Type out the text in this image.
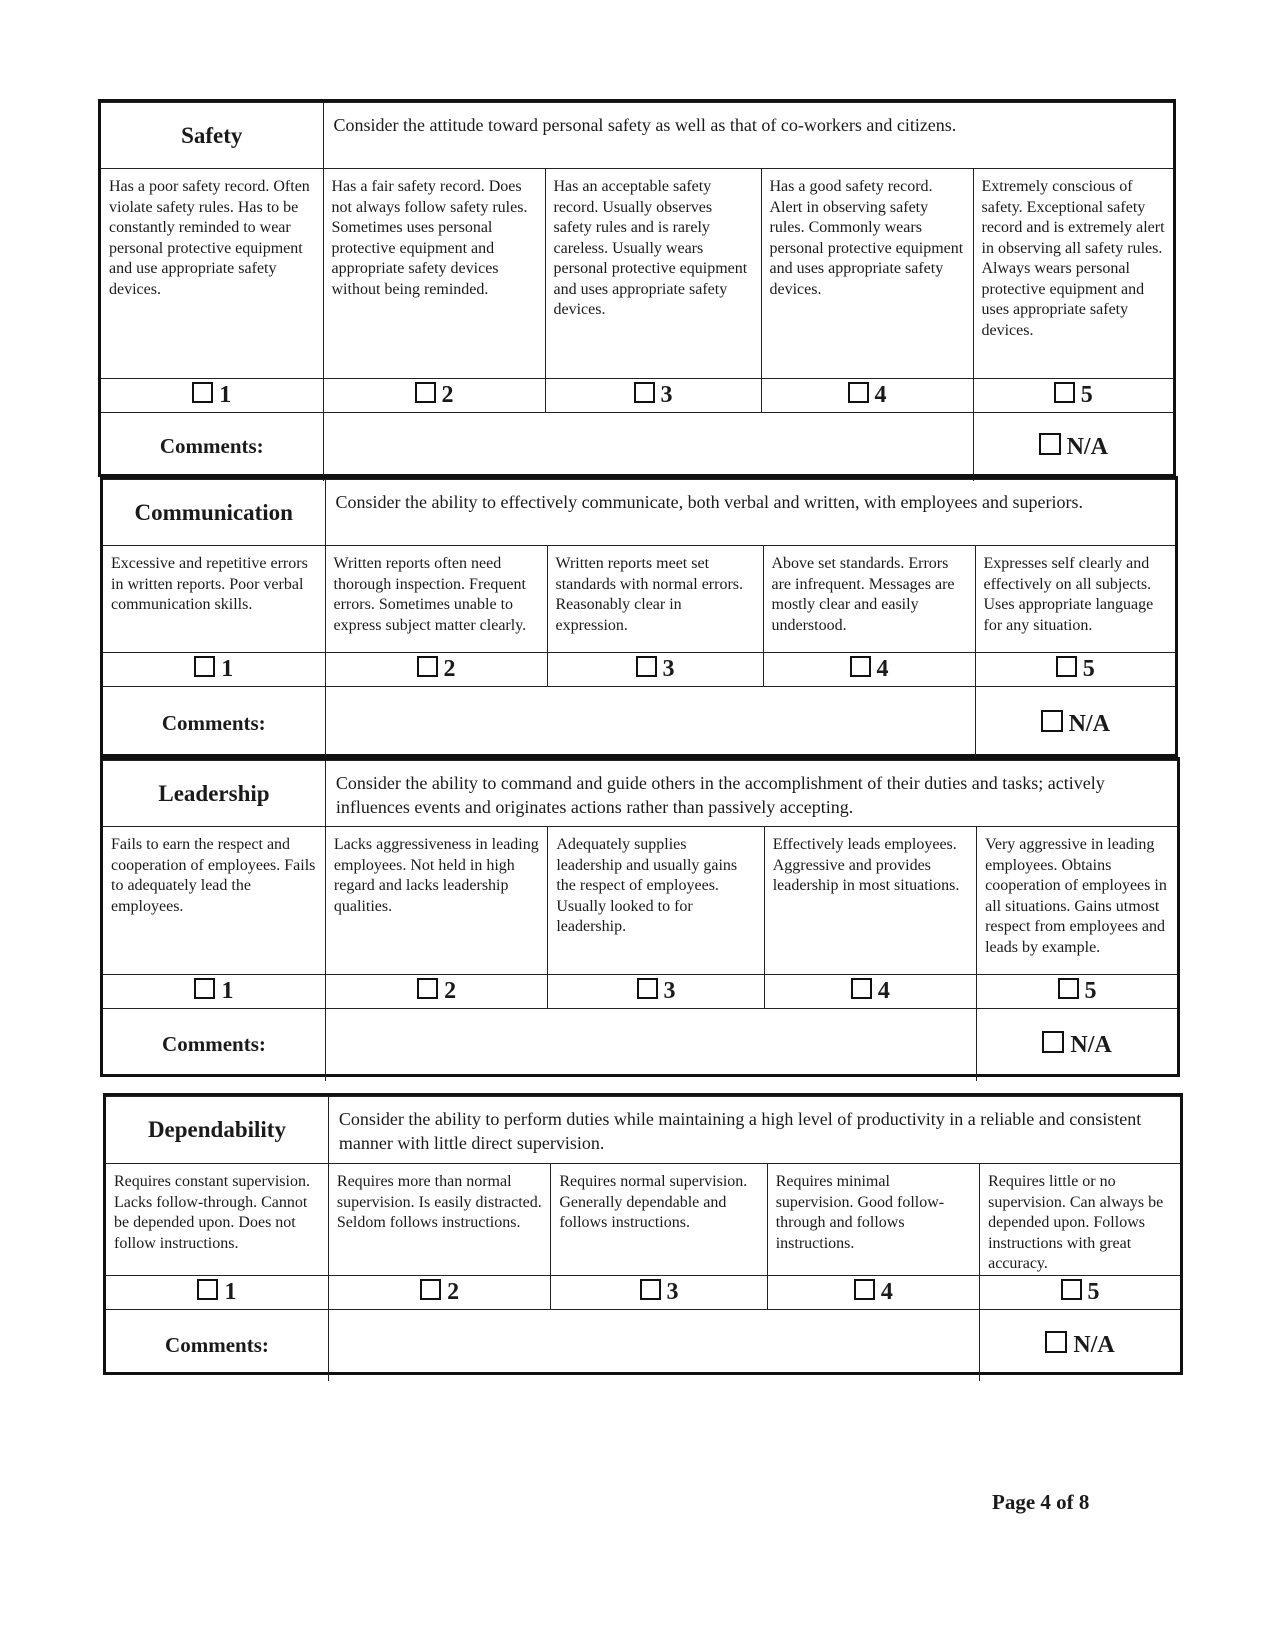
Safety	Consider the attitude toward personal safety as well as that of co-workers and citizens.			
Has a poor safety record. Often violate safety rules. Has to be constantly reminded to wear personal protective equipment and use appropriate safety devices.	Has a fair safety record. Does not always follow safety rules. Sometimes uses personal protective equipment and appropriate safety devices without being reminded.	Has an acceptable safety record. Usually observes safety rules and is rarely careless. Usually wears personal protective equipment and uses appropriate safety devices.	Has a good safety record. Alert in observing safety rules. Commonly wears personal protective equipment and uses appropriate safety devices.	Extremely conscious of safety. Exceptional safety record and is extremely alert in observing all safety rules. Always wears personal protective equipment and uses appropriate safety devices.
1	2	3	4	5
Comments:				N/A
Communication	Consider the ability to effectively communicate, both verbal and written, with employees and superiors.			
Excessive and repetitive errors in written reports. Poor verbal communication skills.	Written reports often need thorough inspection. Frequent errors. Sometimes unable to express subject matter clearly.	Written reports meet set standards with normal errors. Reasonably clear in expression.	Above set standards. Errors are infrequent. Messages are mostly clear and easily understood.	Expresses self clearly and effectively on all subjects. Uses appropriate language for any situation.
1	2	3	4	5
Comments:				N/A
Leadership	Consider the ability to command and guide others in the accomplishment of their duties and tasks; actively influences events and originates actions rather than passively accepting.			
Fails to earn the respect and cooperation of employees. Fails to adequately lead the employees.	Lacks aggressiveness in leading employees. Not held in high regard and lacks leadership qualities.	Adequately supplies leadership and usually gains the respect of employees. Usually looked to for leadership.	Effectively leads employees. Aggressive and provides leadership in most situations.	Very aggressive in leading employees. Obtains cooperation of employees in all situations. Gains utmost respect from employees and leads by example.
1	2	3	4	5
Comments:				N/A
Dependability	Consider the ability to perform duties while maintaining a high level of productivity in a reliable and consistent manner with little direct supervision.			
Requires constant supervision. Lacks follow-through. Cannot be depended upon. Does not follow instructions.	Requires more than normal supervision. Is easily distracted. Seldom follows instructions.	Requires normal supervision. Generally dependable and follows instructions.	Requires minimal supervision. Good follow-through and follows instructions.	Requires little or no supervision. Can always be depended upon. Follows instructions with great accuracy.
1	2	3	4	5
Comments:				N/A
Page 4 of 8
